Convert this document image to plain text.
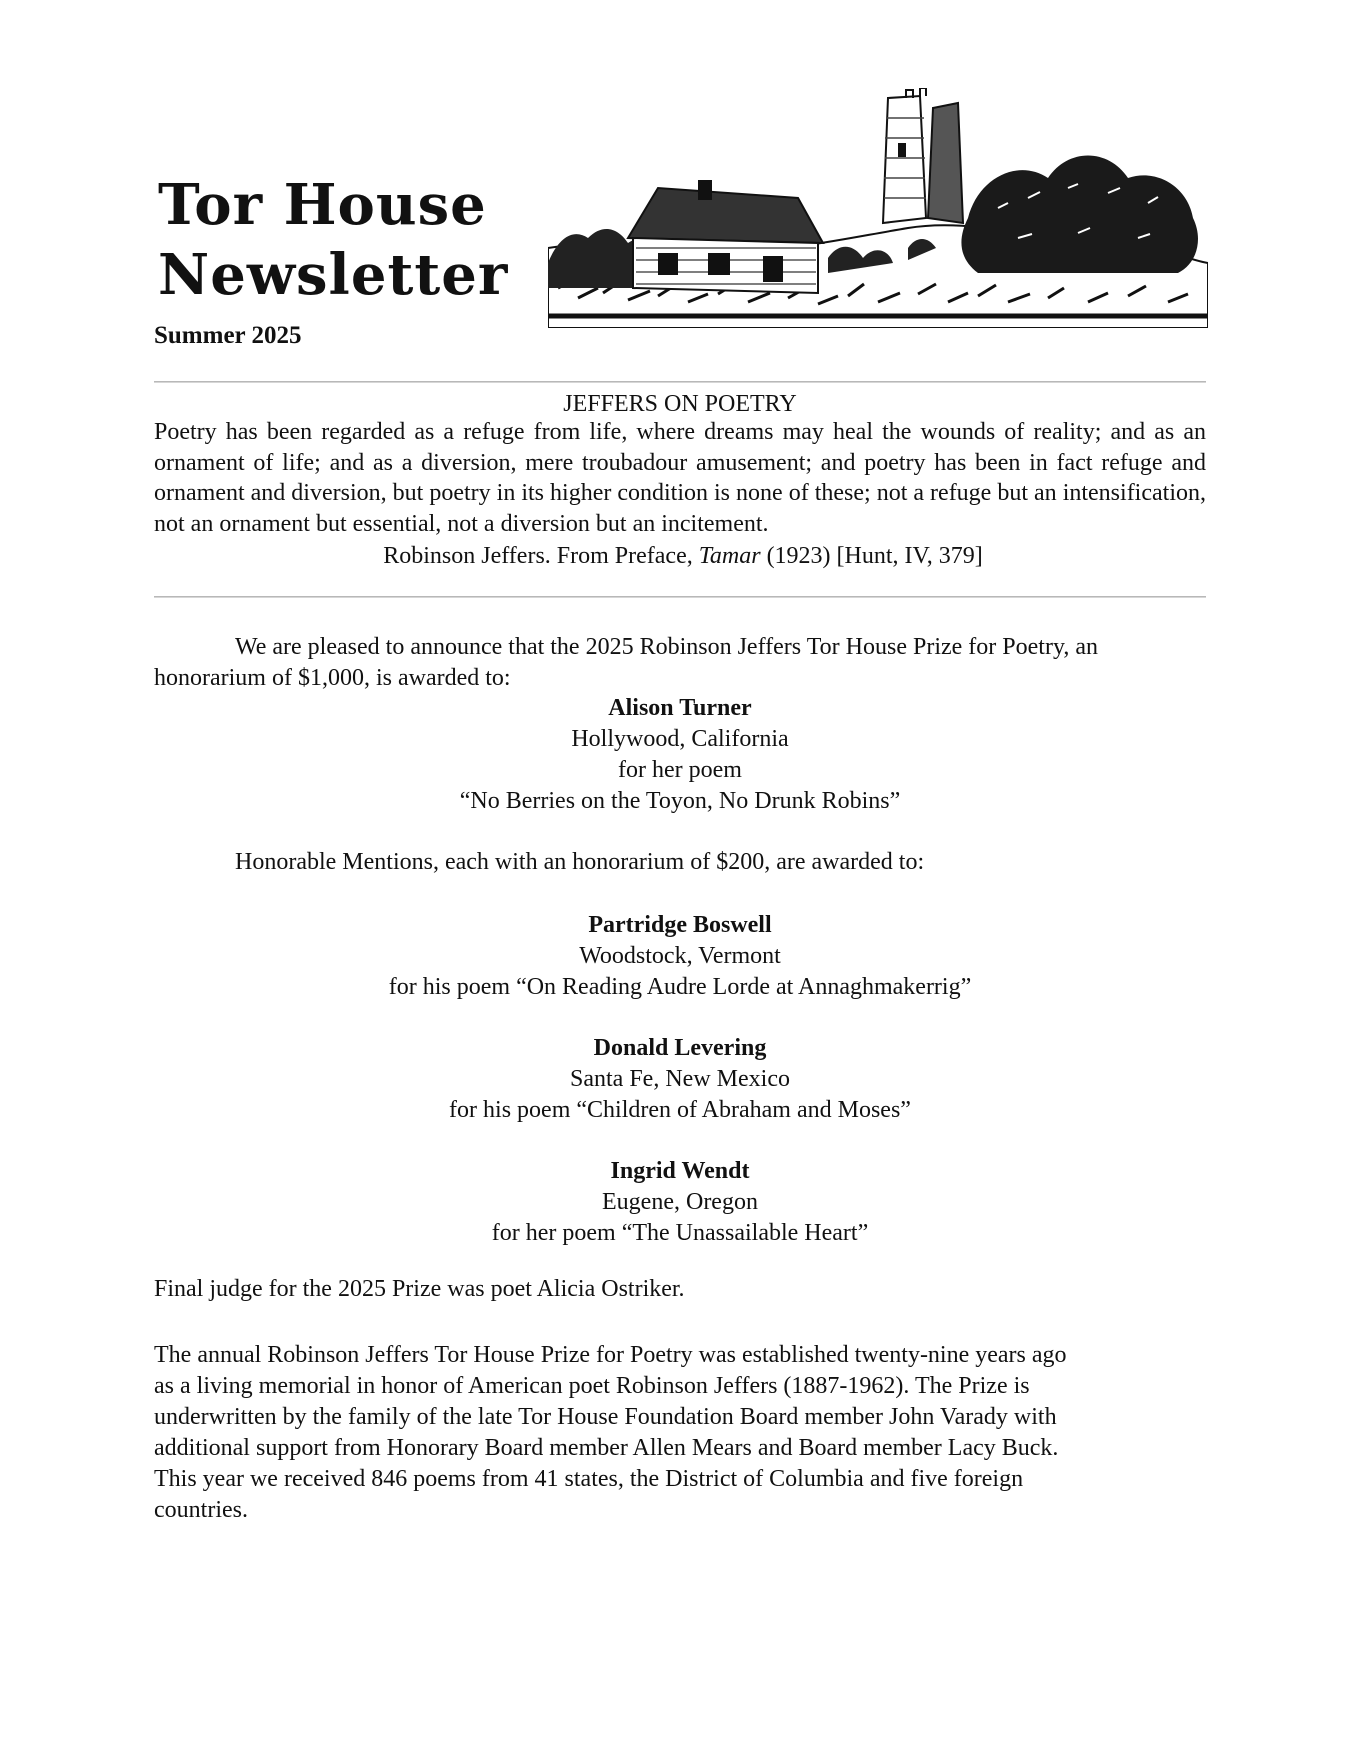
Tor House
Newsletter
Summer 2025
JEFFERS ON POETRY

Poetry has been regarded as a refuge from life, where dreams may heal the wounds of reality; and as an ornament of life; and as a diversion, mere troubadour amusement; and poetry has been in fact refuge and ornament and diversion, but poetry in its higher condition is none of these; not a refuge but an intensification, not an ornament but essential, not a diversion but an incitement.

Robinson Jeffers. From Preface, Tamar (1923) [Hunt, IV, 379]

We are pleased to announce that the 2025 Robinson Jeffers Tor House Prize for Poetry, an honorarium of $1,000, is awarded to:

Alison Turner
Hollywood, California
for her poem
“No Berries on the Toyon, No Drunk Robins”
Honorable Mentions, each with an honorarium of $200, are awarded to:
Partridge Boswell
Woodstock, Vermont
for his poem “On Reading Audre Lorde at Annaghmakerrig”
Donald Levering
Santa Fe, New Mexico
for his poem “Children of Abraham and Moses”
Ingrid Wendt
Eugene, Oregon
for her poem “The Unassailable Heart”
Final judge for the 2025 Prize was poet Alicia Ostriker.
The annual Robinson Jeffers Tor House Prize for Poetry was established twenty-nine years ago
as a living memorial in honor of American poet Robinson Jeffers (1887-1962). The Prize is
underwritten by the family of the late Tor House Foundation Board member John Varady with
additional support from Honorary Board member Allen Mears and Board member Lacy Buck.
This year we received 846 poems from 41 states, the District of Columbia and five foreign
countries.
